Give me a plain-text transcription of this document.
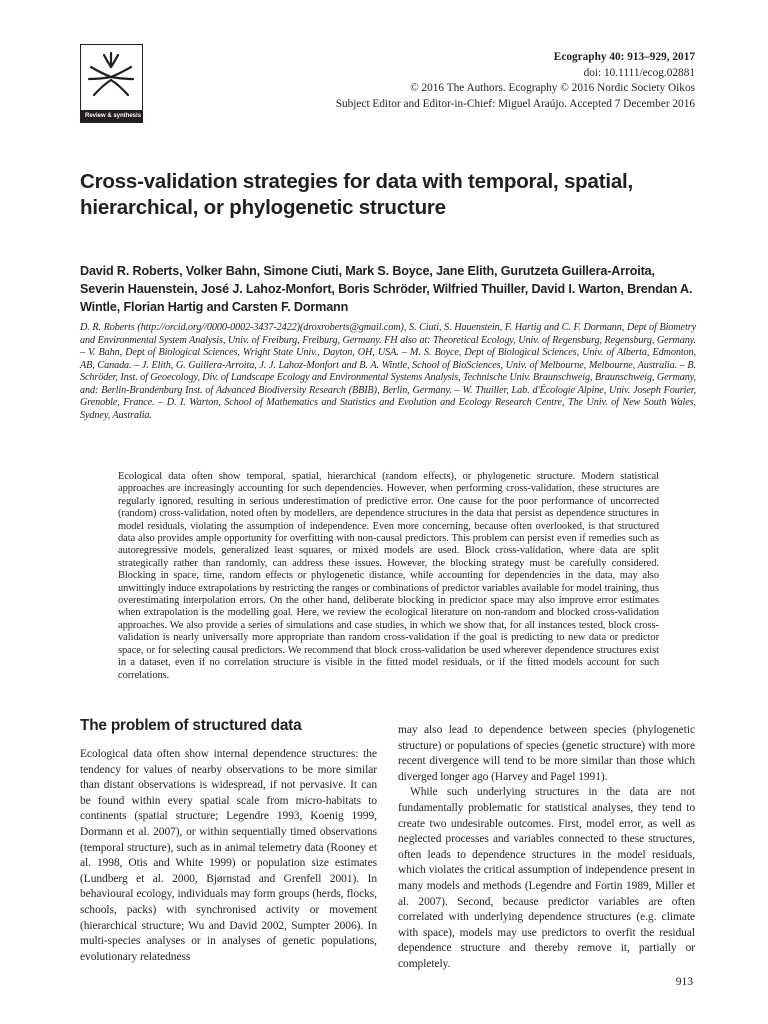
Review & synthesis
Ecography 40: 913–929, 2017
doi: 10.1111/ecog.02881
© 2016 The Authors. Ecography © 2016 Nordic Society Oikos
Subject Editor and Editor-in-Chief: Miguel Araújo. Accepted 7 December 2016
Cross-validation strategies for data with temporal, spatial, hierarchical, or phylogenetic structure
David R. Roberts, Volker Bahn, Simone Ciuti, Mark S. Boyce, Jane Elith, Gurutzeta Guillera-Arroita, Severin Hauenstein, José J. Lahoz-Monfort, Boris Schröder, Wilfried Thuiller, David I. Warton, Brendan A. Wintle, Florian Hartig and Carsten F. Dormann
D. R. Roberts (http://orcid.org//0000-0002-3437-2422)(droxroberts@gmail.com), S. Ciuti, S. Hauenstein, F. Hartig and C. F. Dormann, Dept of Biometry and Environmental System Analysis, Univ. of Freiburg, Freiburg, Germany. FH also at: Theoretical Ecology, Univ. of Regensburg, Regensburg, Germany. – V. Bahn, Dept of Biological Sciences, Wright State Univ., Dayton, OH, USA. – M. S. Boyce, Dept of Biological Sciences, Univ. of Alberta, Edmonton, AB, Canada. – J. Elith, G. Guillera-Arroita, J. J. Lahoz-Monfort and B. A. Wintle, School of BioSciences, Univ. of Melbourne, Melbourne, Australia. – B. Schröder, Inst. of Geoecology, Div. of Landscape Ecology and Environmental Systems Analysis, Technische Univ. Braunschweig, Braunschweig, Germany, and: Berlin-Brandenburg Inst. of Advanced Biodiversity Research (BBIB), Berlin, Germany. – W. Thuiller, Lab. d'Écologie Alpine, Univ. Joseph Fourier, Grenoble, France. – D. I. Warton, School of Mathematics and Statistics and Evolution and Ecology Research Centre, The Univ. of New South Wales, Sydney, Australia.
Ecological data often show temporal, spatial, hierarchical (random effects), or phylogenetic structure. Modern statistical approaches are increasingly accounting for such dependencies. However, when performing cross-validation, these structures are regularly ignored, resulting in serious underestimation of predictive error. One cause for the poor performance of uncorrected (random) cross-validation, noted often by modellers, are dependence structures in the data that persist as dependence structures in model residuals, violating the assumption of independence. Even more concerning, because often overlooked, is that structured data also provides ample opportunity for overfitting with non-causal predictors. This problem can persist even if remedies such as autoregressive models, generalized least squares, or mixed models are used. Block cross-validation, where data are split strategically rather than randomly, can address these issues. However, the blocking strategy must be carefully considered. Blocking in space, time, random effects or phylogenetic distance, while accounting for dependencies in the data, may also unwittingly induce extrapolations by restricting the ranges or combinations of predictor variables available for model training, thus overestimating interpolation errors. On the other hand, deliberate blocking in predictor space may also improve error estimates when extrapolation is the modelling goal. Here, we review the ecological literature on non-random and blocked cross-validation approaches. We also provide a series of simulations and case studies, in which we show that, for all instances tested, block cross-validation is nearly universally more appropriate than random cross-validation if the goal is predicting to new data or predictor space, or for selecting causal predictors. We recommend that block cross-validation be used wherever dependence structures exist in a dataset, even if no correlation structure is visible in the fitted model residuals, or if the fitted models account for such correlations.
The problem of structured data

Ecological data often show internal dependence structures: the tendency for values of nearby observations to be more similar than distant observations is widespread, if not pervasive. It can be found within every spatial scale from micro-habitats to continents (spatial structure; Legendre 1993, Koenig 1999, Dormann et al. 2007), or within sequentially timed observations (temporal structure), such as in animal telemetry data (Rooney et al. 1998, Otis and White 1999) or population size estimates (Lundberg et al. 2000, Bjørnstad and Grenfell 2001). In behavioural ecology, individuals may form groups (herds, flocks, schools, packs) with synchronised activity or movement (hierarchical structure; Wu and David 2002, Sumpter 2006). In multi-species analyses or in analyses of genetic populations, evolutionary relatedness

may also lead to dependence between species (phylogenetic structure) or populations of species (genetic structure) with more recent divergence will tend to be more similar than those which diverged longer ago (Harvey and Pagel 1991).

While such underlying structures in the data are not fundamentally problematic for statistical analyses, they tend to create two undesirable outcomes. First, model error, as well as neglected processes and variables connected to these structures, often leads to dependence structures in the model residuals, which violates the critical assumption of independence present in many models and methods (Legendre and Fortin 1989, Miller et al. 2007). Second, because predictor variables are often correlated with underlying dependence structures (e.g. climate with space), models may use predictors to overfit the residual dependence structure and thereby remove it, partially or completely.

913
